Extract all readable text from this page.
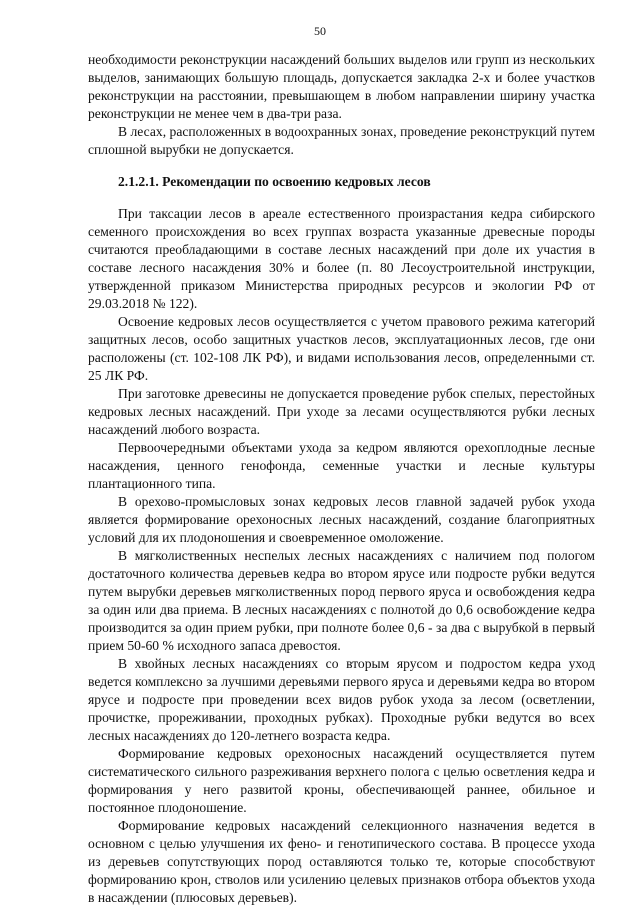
50

необходимости реконструкции насаждений больших выделов или групп из нескольких выделов, занимающих большую площадь, допускается закладка 2-х и более участков реконструкции на расстоянии, превышающем в любом направлении ширину участка реконструкции не менее чем в два-три раза.

В лесах, расположенных в водоохранных зонах, проведение реконструкций путем сплошной вырубки не допускается.

2.1.2.1. Рекомендации по освоению кедровых лесов

При таксации лесов в ареале естественного произрастания кедра сибирского семенного происхождения во всех группах возраста указанные древесные породы считаются преобладающими в составе лесных насаждений при доле их участия в составе лесного насаждения 30% и более (п. 80 Лесоустроительной инструкции, утвержденной приказом Министерства природных ресурсов и экологии РФ от 29.03.2018 № 122).

Освоение кедровых лесов осуществляется с учетом правового режима категорий защитных лесов, особо защитных участков лесов, эксплуатационных лесов, где они расположены (ст. 102-108 ЛК РФ), и видами использования лесов, определенными ст. 25 ЛК РФ.

При заготовке древесины не допускается проведение рубок спелых, перестойных кедровых лесных насаждений. При уходе за лесами осуществляются рубки лесных насаждений любого возраста.

Первоочередными объектами ухода за кедром являются орехоплодные лесные насаждения, ценного генофонда, семенные участки и лесные культуры плантационного типа.

В орехово-промысловых зонах кедровых лесов главной задачей рубок ухода является формирование орехоносных лесных насаждений, создание благоприятных условий для их плодоношения и своевременное омоложение.

В мягколиственных неспелых лесных насаждениях с наличием под пологом достаточного количества деревьев кедра во втором ярусе или подросте рубки ведутся путем вырубки деревьев мягколиственных пород первого яруса и освобождения кедра за один или два приема. В лесных насаждениях с полнотой до 0,6 освобождение кедра производится за один прием рубки, при полноте более 0,6 - за два с вырубкой в первый прием 50-60 % исходного запаса древостоя.

В хвойных лесных насаждениях со вторым ярусом и подростом кедра уход ведется комплексно за лучшими деревьями первого яруса и деревьями кедра во втором ярусе и подросте при проведении всех видов рубок ухода за лесом (осветлении, прочистке, прореживании, проходных рубках). Проходные рубки ведутся во всех лесных насаждениях до 120-летнего возраста кедра.

Формирование кедровых орехоносных насаждений осуществляется путем систематического сильного разреживания верхнего полога с целью осветления кедра и формирования у него развитой кроны, обеспечивающей раннее, обильное и постоянное плодоношение.

Формирование кедровых насаждений селекционного назначения ведется в основном с целью улучшения их фено- и генотипического состава. В процессе ухода из деревьев сопутствующих пород оставляются только те, которые способствуют формированию крон, стволов или усилению целевых признаков отбора объектов ухода в насаждении (плюсовых деревьев).
